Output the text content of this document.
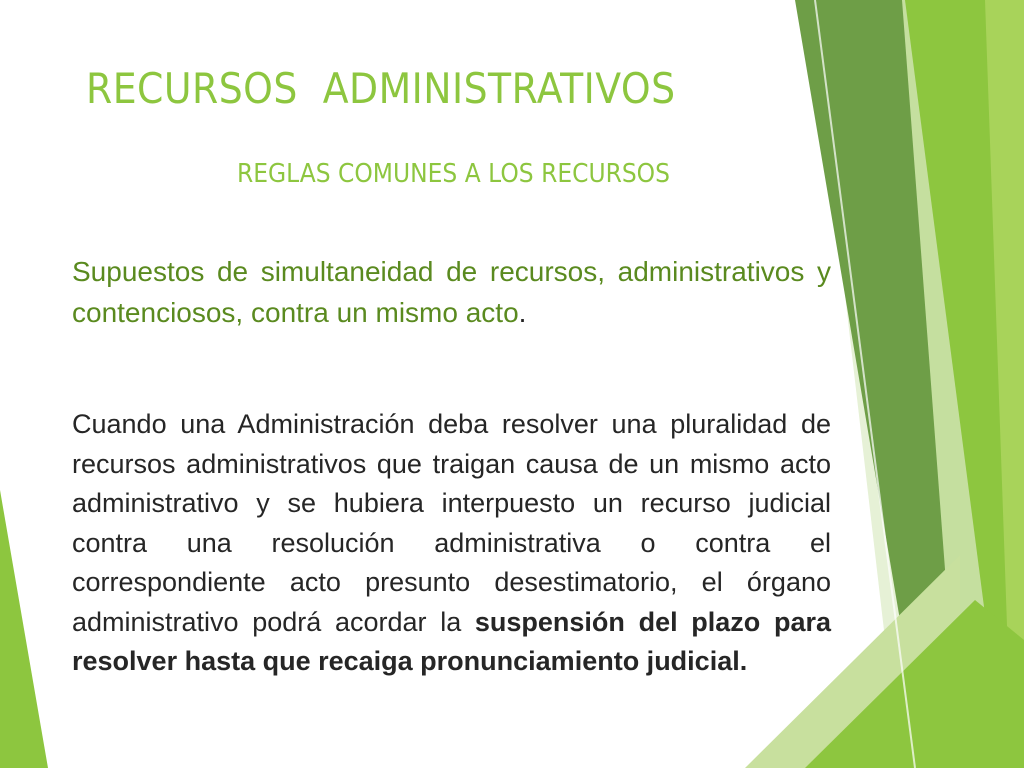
RECURSOS  ADMINISTRATIVOS
REGLAS COMUNES A LOS RECURSOS

Supuestos de simultaneidad de recursos, administrativos y contenciosos, contra un mismo acto.

Cuando una Administración deba resolver una pluralidad de recursos administrativos que traigan causa de un mismo acto administrativo y se hubiera interpuesto un recurso judicial contra una resolución administrativa o contra el correspondiente acto presunto desestimatorio, el órgano administrativo podrá acordar la suspensión del plazo para resolver hasta que recaiga pronunciamiento judicial.
